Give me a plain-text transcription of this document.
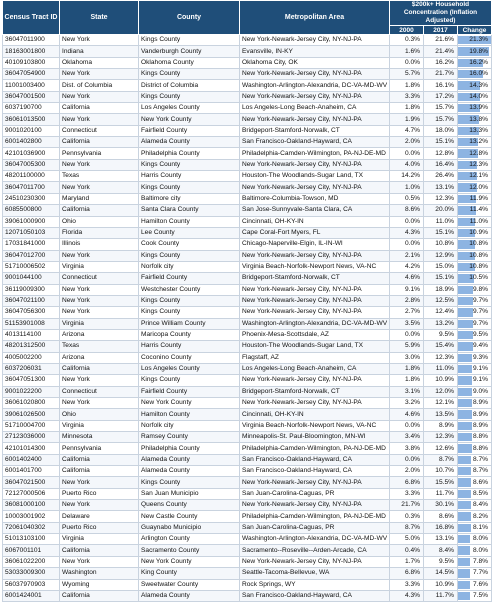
Census Tract ID	State	County	Metropolitan Area	$200k+ Household Concentration (Inflation Adjusted)		
				2000	2017	Change
36047011900	New York	Kings County	New York-Newark-Jersey City, NY-NJ-PA	0.3%	21.6%	21.3%

18163001800	Indiana	Vanderburgh County	Evansville, IN-KY	1.6%	21.4%	19.8%

40109103800	Oklahoma	Oklahoma County	Oklahoma City, OK	0.0%	16.2%	16.2%

36047054900	New York	Kings County	New York-Newark-Jersey City, NY-NJ-PA	5.7%	21.7%	16.0%

11001003400	Dist. of Columbia	District of Columbia	Washington-Arlington-Alexandria, DC-VA-MD-WV	1.8%	16.1%	14.3%

36047001500	New York	Kings County	New York-Newark-Jersey City, NY-NJ-PA	3.3%	17.2%	14.0%

6037190700	California	Los Angeles County	Los Angeles-Long Beach-Anaheim, CA	1.8%	15.7%	13.9%

36061013500	New York	New York County	New York-Newark-Jersey City, NY-NJ-PA	1.9%	15.7%	13.8%

9001020100	Connecticut	Fairfield County	Bridgeport-Stamford-Norwalk, CT	4.7%	18.0%	13.3%

6001402800	California	Alameda County	San Francisco-Oakland-Hayward, CA	2.0%	15.1%	13.2%

42101036900	Pennsylvania	Philadelphia County	Philadelphia-Camden-Wilmington, PA-NJ-DE-MD	0.0%	12.8%	12.8%

36047005300	New York	Kings County	New York-Newark-Jersey City, NY-NJ-PA	4.0%	16.4%	12.3%

48201100000	Texas	Harris County	Houston-The Woodlands-Sugar Land, TX	14.2%	26.4%	12.1%

36047011700	New York	Kings County	New York-Newark-Jersey City, NY-NJ-PA	1.0%	13.1%	12.0%

24510230300	Maryland	Baltimore city	Baltimore-Columbia-Towson, MD	0.5%	12.3%	11.9%

6085500800	California	Santa Clara County	San Jose-Sunnyvale-Santa Clara, CA	8.6%	20.0%	11.4%

39061000900	Ohio	Hamilton County	Cincinnati, OH-KY-IN	0.0%	11.0%	11.0%

12071050103	Florida	Lee County	Cape Coral-Fort Myers, FL	4.3%	15.1%	10.9%

17031841000	Illinois	Cook County	Chicago-Naperville-Elgin, IL-IN-WI	0.0%	10.8%	10.8%

36047012700	New York	Kings County	New York-Newark-Jersey City, NY-NJ-PA	2.1%	12.9%	10.8%

51710006502	Virginia	Norfolk city	Virginia Beach-Norfolk-Newport News, VA-NC	4.2%	15.0%	10.8%

9001044100	Connecticut	Fairfield County	Bridgeport-Stamford-Norwalk, CT	4.6%	15.1%	10.5%

36119009300	New York	Westchester County	New York-Newark-Jersey City, NY-NJ-PA	9.1%	18.9%	9.8%

36047021100	New York	Kings County	New York-Newark-Jersey City, NY-NJ-PA	2.8%	12.5%	9.7%

36047056300	New York	Kings County	New York-Newark-Jersey City, NY-NJ-PA	2.7%	12.4%	9.7%

51153901008	Virginia	Prince William County	Washington-Arlington-Alexandria, DC-VA-MD-WV	3.5%	13.2%	9.7%

4013114100	Arizona	Maricopa County	Phoenix-Mesa-Scottsdale, AZ	0.0%	9.5%	9.5%

48201312500	Texas	Harris County	Houston-The Woodlands-Sugar Land, TX	5.9%	15.4%	9.4%

4005002200	Arizona	Coconino County	Flagstaff, AZ	3.0%	12.3%	9.3%

6037206031	California	Los Angeles County	Los Angeles-Long Beach-Anaheim, CA	1.8%	11.0%	9.1%

36047051300	New York	Kings County	New York-Newark-Jersey City, NY-NJ-PA	1.8%	10.9%	9.1%

9001022200	Connecticut	Fairfield County	Bridgeport-Stamford-Norwalk, CT	3.1%	12.0%	9.0%

36061020800	New York	New York County	New York-Newark-Jersey City, NY-NJ-PA	3.2%	12.1%	8.9%

39061026500	Ohio	Hamilton County	Cincinnati, OH-KY-IN	4.6%	13.5%	8.9%

51710004700	Virginia	Norfolk city	Virginia Beach-Norfolk-Newport News, VA-NC	0.0%	8.9%	8.9%

27123036000	Minnesota	Ramsey County	Minneapolis-St. Paul-Bloomington, MN-WI	3.4%	12.3%	8.8%

42101014300	Pennsylvania	Philadelphia County	Philadelphia-Camden-Wilmington, PA-NJ-DE-MD	3.8%	12.6%	8.8%

6001402400	California	Alameda County	San Francisco-Oakland-Hayward, CA	0.0%	8.7%	8.7%

6001401700	California	Alameda County	San Francisco-Oakland-Hayward, CA	2.0%	10.7%	8.7%

36047021500	New York	Kings County	New York-Newark-Jersey City, NY-NJ-PA	6.8%	15.5%	8.6%

72127000506	Puerto Rico	San Juan Municipio	San Juan-Carolina-Caguas, PR	3.3%	11.7%	8.5%

36081000100	New York	Queens County	New York-Newark-Jersey City, NY-NJ-PA	21.7%	30.1%	8.4%

10003001902	Delaware	New Castle County	Philadelphia-Camden-Wilmington, PA-NJ-DE-MD	0.3%	8.6%	8.2%

72061040302	Puerto Rico	Guaynabo Municipio	San Juan-Carolina-Caguas, PR	8.7%	16.8%	8.1%

51013103100	Virginia	Arlington County	Washington-Arlington-Alexandria, DC-VA-MD-WV	5.0%	13.1%	8.0%

6067001101	California	Sacramento County	Sacramento--Roseville--Arden-Arcade, CA	0.4%	8.4%	8.0%

36061022200	New York	New York County	New York-Newark-Jersey City, NY-NJ-PA	1.7%	9.5%	7.8%

53033009300	Washington	King County	Seattle-Tacoma-Bellevue, WA	6.8%	14.5%	7.7%

56037970903	Wyoming	Sweetwater County	Rock Springs, WY	3.3%	10.9%	7.6%

6001424001	California	Alameda County	San Francisco-Oakland-Hayward, CA	4.3%	11.7%	7.5%
